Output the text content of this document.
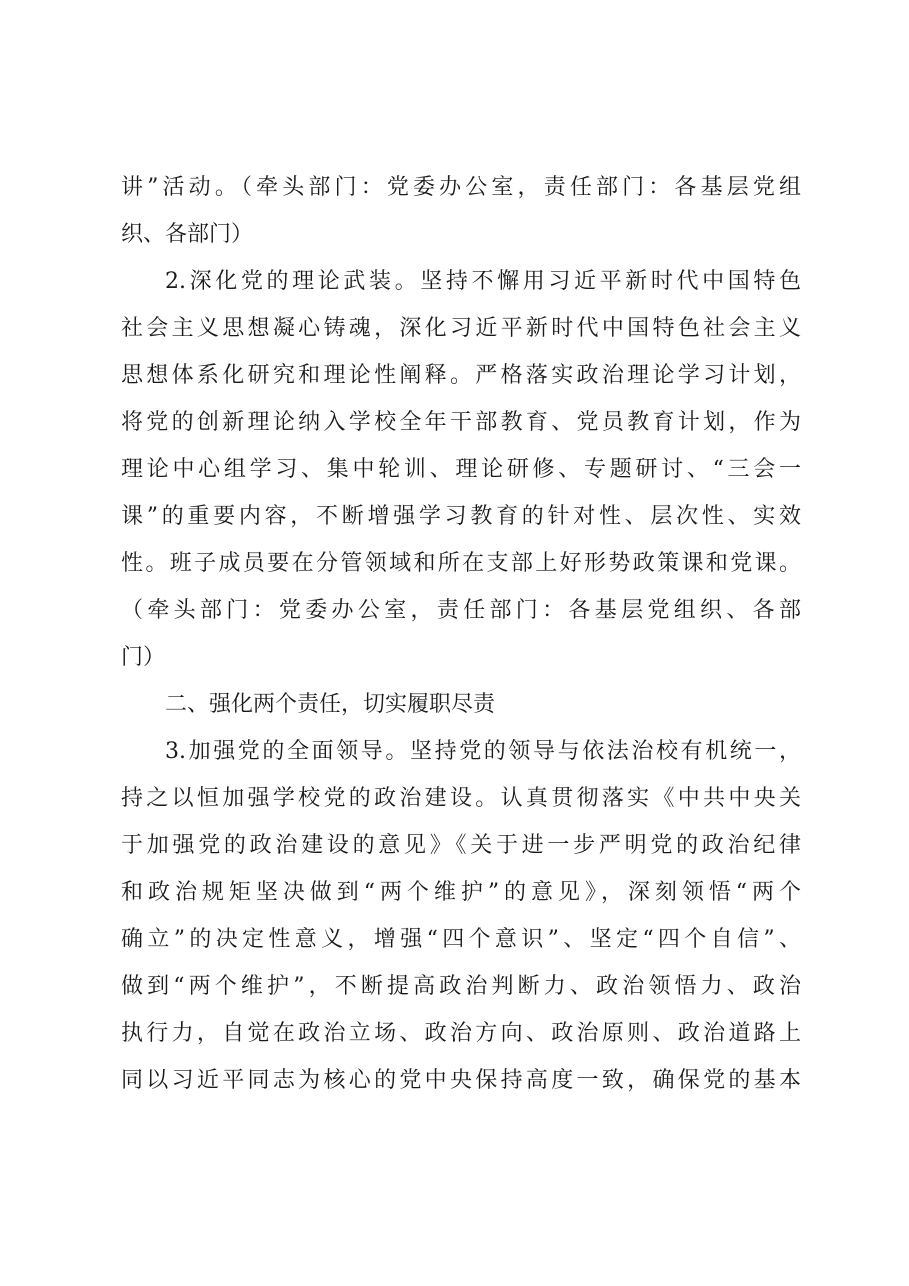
讲”活动。（牵头部门：党委办公室，责任部门：各基层党组
织、各部门）
2.深化党的理论武装。坚持不懈用习近平新时代中国特色
社会主义思想凝心铸魂，深化习近平新时代中国特色社会主义
思想体系化研究和理论性阐释。严格落实政治理论学习计划，
将党的创新理论纳入学校全年干部教育、党员教育计划，作为
理论中心组学习、集中轮训、理论研修、专题研讨、“三会一
课”的重要内容，不断增强学习教育的针对性、层次性、实效
性。班子成员要在分管领域和所在支部上好形势政策课和党课。
（牵头部门：党委办公室，责任部门：各基层党组织、各部
门）
二、强化两个责任，切实履职尽责
3.加强党的全面领导。坚持党的领导与依法治校有机统一，
持之以恒加强学校党的政治建设。认真贯彻落实《中共中央关
于加强党的政治建设的意见》《关于进一步严明党的政治纪律
和政治规矩坚决做到“两个维护”的意见》，深刻领悟“两个
确立”的决定性意义，增强“四个意识”、坚定“四个自信”、
做到“两个维护”，不断提高政治判断力、政治领悟力、政治
执行力，自觉在政治立场、政治方向、政治原则、政治道路上
同以习近平同志为核心的党中央保持高度一致，确保党的基本
